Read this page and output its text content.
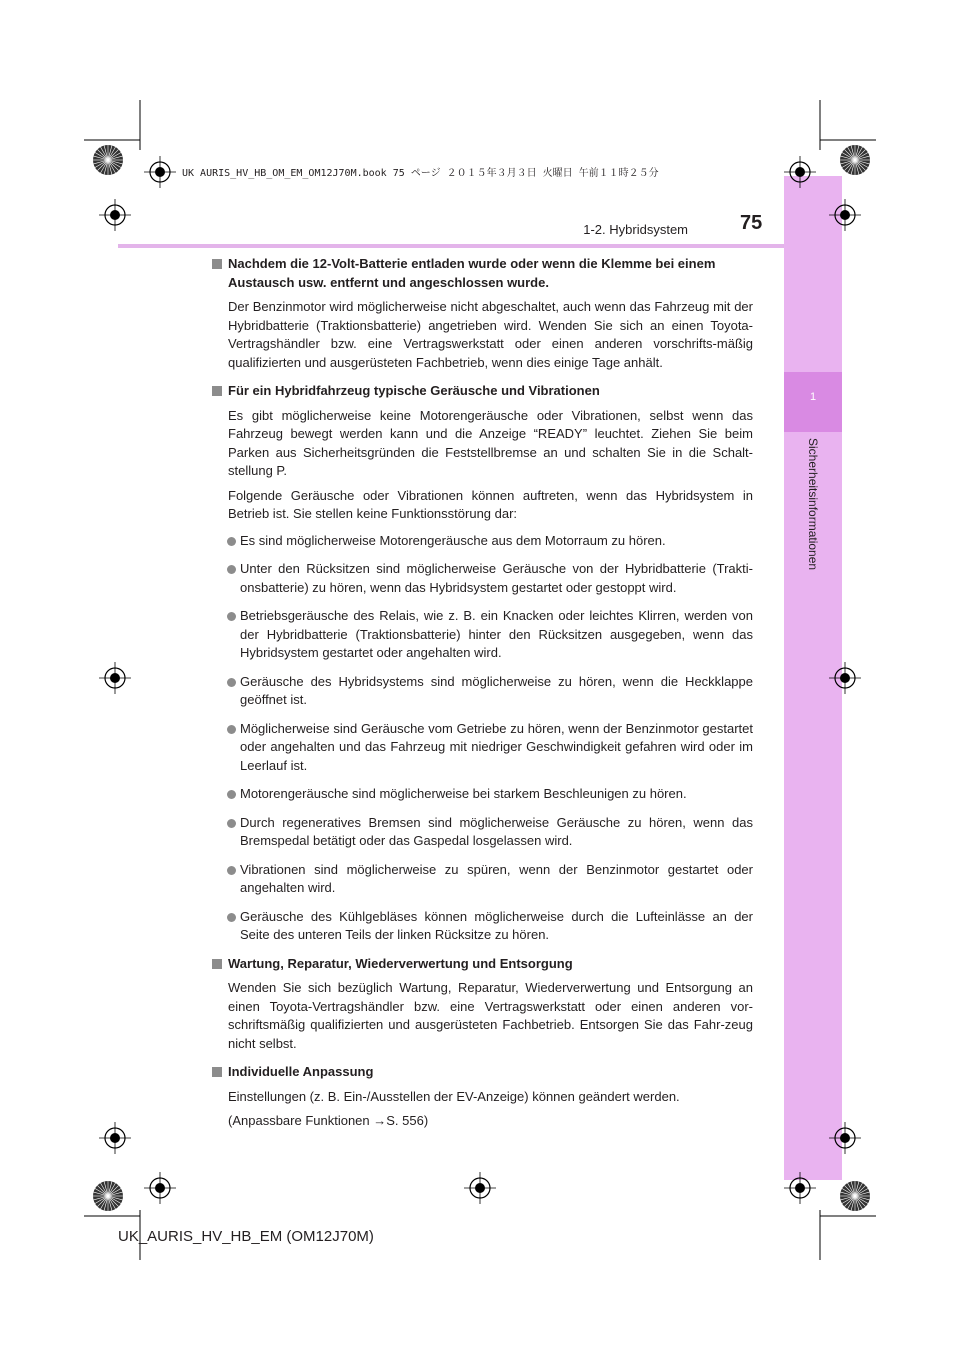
1
Sicherheitsinformationen
UK AURIS_HV_HB_OM_EM_OM12J70M.book 75 ページ ２０１５年３月３日 火曜日 午前１１時２５分
1-2. Hybridsystem	75
Nachdem die 12-Volt-Batterie entladen wurde oder wenn die Klemme bei einem Austausch usw. entfernt und angeschlossen wurde.
Der Benzinmotor wird möglicherweise nicht abgeschaltet, auch wenn das Fahrzeug mit der Hybridbatterie (Traktionsbatterie) angetrieben wird. Wenden Sie sich an einen Toyota-Vertragshändler bzw. eine Vertragswerkstatt oder einen anderen vorschrifts-mäßig qualifizierten und ausgerüsteten Fachbetrieb, wenn dies einige Tage anhält.
Für ein Hybridfahrzeug typische Geräusche und Vibrationen
Es gibt möglicherweise keine Motorengeräusche oder Vibrationen, selbst wenn das Fahrzeug bewegt werden kann und die Anzeige “READY” leuchtet. Ziehen Sie beim Parken aus Sicherheitsgründen die Feststellbremse an und schalten Sie in die Schalt-stellung P.
Folgende Geräusche oder Vibrationen können auftreten, wenn das Hybridsystem in Betrieb ist. Sie stellen keine Funktionsstörung dar:
Es sind möglicherweise Motorengeräusche aus dem Motorraum zu hören.
Unter den Rücksitzen sind möglicherweise Geräusche von der Hybridbatterie (Trakti-onsbatterie) zu hören, wenn das Hybridsystem gestartet oder gestoppt wird.
Betriebsgeräusche des Relais, wie z. B. ein Knacken oder leichtes Klirren, werden von der Hybridbatterie (Traktionsbatterie) hinter den Rücksitzen ausgegeben, wenn das Hybridsystem gestartet oder angehalten wird.
Geräusche des Hybridsystems sind möglicherweise zu hören, wenn die Heckklappe geöffnet ist.
Möglicherweise sind Geräusche vom Getriebe zu hören, wenn der Benzinmotor gestartet oder angehalten und das Fahrzeug mit niedriger Geschwindigkeit gefahren wird oder im Leerlauf ist.
Motorengeräusche sind möglicherweise bei starkem Beschleunigen zu hören.
Durch regeneratives Bremsen sind möglicherweise Geräusche zu hören, wenn das Bremspedal betätigt oder das Gaspedal losgelassen wird.
Vibrationen sind möglicherweise zu spüren, wenn der Benzinmotor gestartet oder angehalten wird.
Geräusche des Kühlgebläses können möglicherweise durch die Lufteinlässe an der Seite des unteren Teils der linken Rücksitze zu hören.
Wartung, Reparatur, Wiederverwertung und Entsorgung
Wenden Sie sich bezüglich Wartung, Reparatur, Wiederverwertung und Entsorgung an einen Toyota-Vertragshändler bzw. eine Vertragswerkstatt oder einen anderen vor-schriftsmäßig qualifizierten und ausgerüsteten Fachbetrieb. Entsorgen Sie das Fahr-zeug nicht selbst.
Individuelle Anpassung
Einstellungen (z. B. Ein-/Ausstellen der EV-Anzeige) können geändert werden.
(Anpassbare Funktionen →S. 556)
UK_AURIS_HV_HB_EM (OM12J70M)
